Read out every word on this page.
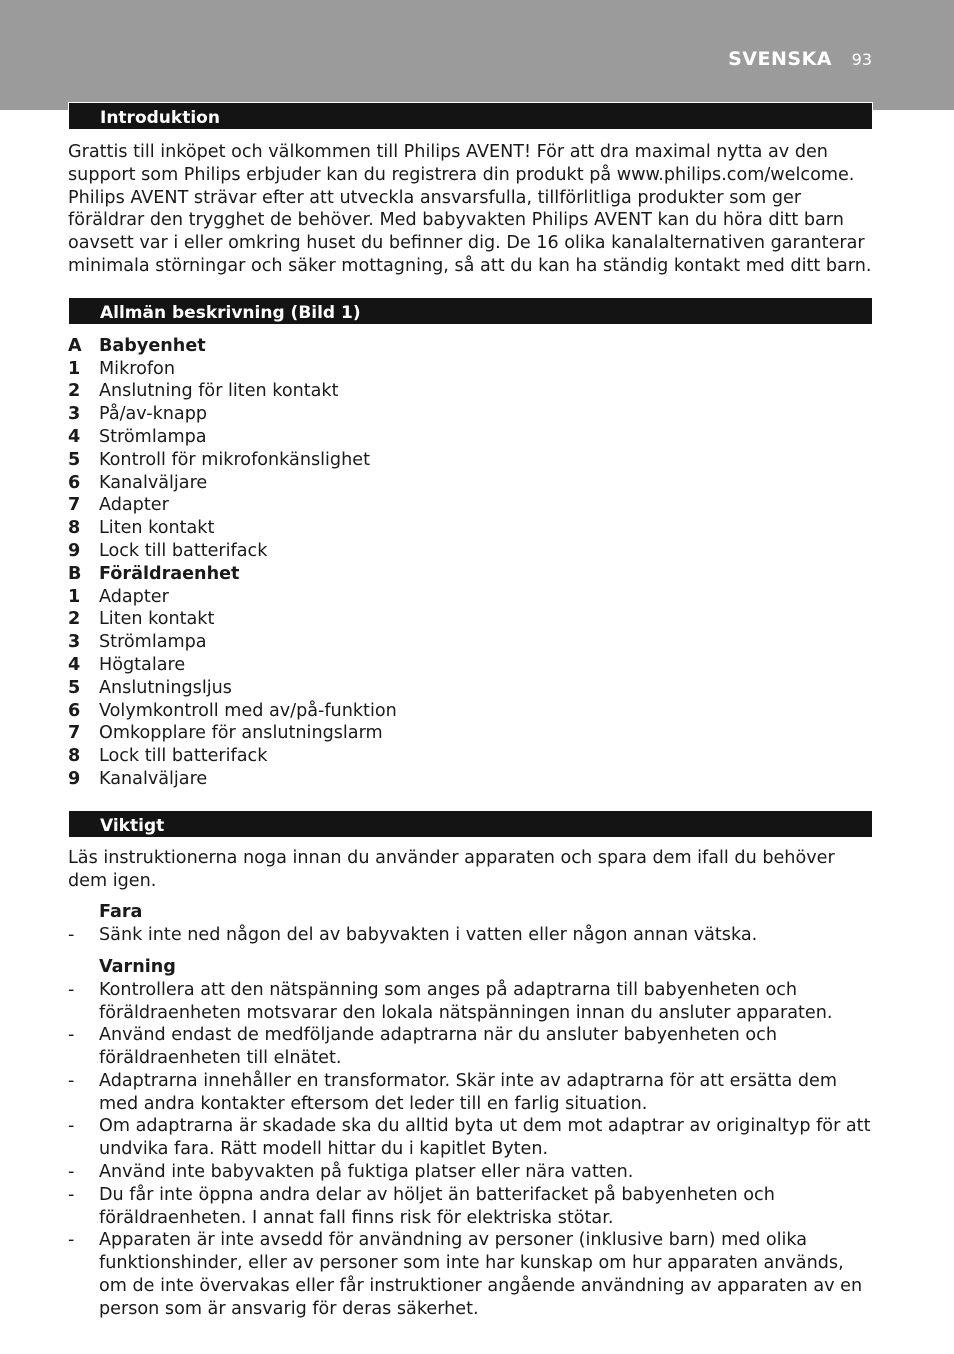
SVENSKA 93
Introduktion

Grattis till inköpet och välkommen till Philips AVENT! För att dra maximal nytta av den support som Philips erbjuder kan du registrera din produkt på www.philips.com/welcome.

Philips AVENT strävar efter att utveckla ansvarsfulla, tillförlitliga produkter som ger föräldrar den trygghet de behöver. Med babyvakten Philips AVENT kan du höra ditt barn oavsett var i eller omkring huset du befinner dig. De 16 olika kanalalternativen garanterar minimala störningar och säker mottagning, så att du kan ha ständig kontakt med ditt barn.

Allmän beskrivning (Bild 1)
A Babyenhet
1	Mikrofon
2	Anslutning för liten kontakt
3	På/av-knapp
4	Strömlampa
5	Kontroll för mikrofonkänslighet
6	Kanalväljare
7	Adapter
8	Liten kontakt
9	Lock till batterifack
B Föräldraenhet
1	Adapter
2	Liten kontakt
3	Strömlampa
4	Högtalare
5	Anslutningsljus
6	Volymkontroll med av/på-funktion
7	Omkopplare för anslutningslarm
8	Lock till batterifack
9	Kanalväljare
Viktigt

Läs instruktionerna noga innan du använder apparaten och spara dem ifall du behöver dem igen.

Fara
-	Sänk inte ned någon del av babyvakten i vatten eller någon annan vätska.
Varning
-	Kontrollera att den nätspänning som anges på adaptrarna till babyenheten och föräldraenheten motsvarar den lokala nätspänningen innan du ansluter apparaten.
-	Använd endast de medföljande adaptrarna när du ansluter babyenheten och föräldraenheten till elnätet.
-	Adaptrarna innehåller en transformator. Skär inte av adaptrarna för att ersätta dem med andra kontakter eftersom det leder till en farlig situation.
-	Om adaptrarna är skadade ska du alltid byta ut dem mot adaptrar av originaltyp för att undvika fara. Rätt modell hittar du i kapitlet Byten.
-	Använd inte babyvakten på fuktiga platser eller nära vatten.
-	Du får inte öppna andra delar av höljet än batterifacket på babyenheten och föräldraenheten. I annat fall finns risk för elektriska stötar.
-	Apparaten är inte avsedd för användning av personer (inklusive barn) med olika funktionshinder, eller av personer som inte har kunskap om hur apparaten används, om de inte övervakas eller får instruktioner angående användning av apparaten av en person som är ansvarig för deras säkerhet.
